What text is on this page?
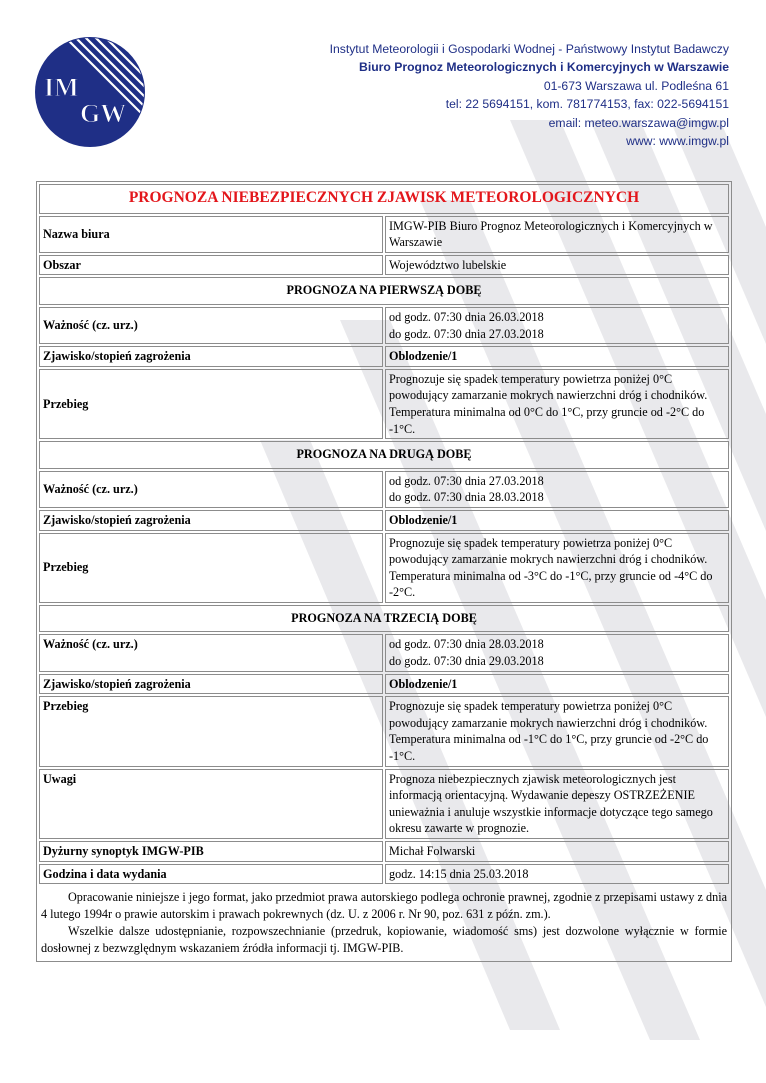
IM
GW
Instytut Meteorologii i Gospodarki Wodnej - Państwowy Instytut Badawczy
Biuro Prognoz Meteorologicznych i Komercyjnych w Warszawie
01-673 Warszawa ul. Podleśna 61
tel: 22 5694151, kom. 781774153, fax: 022-5694151
email: meteo.warszawa@imgw.pl
www: www.imgw.pl
PROGNOZA NIEBEZPIECZNYCH ZJAWISK METEOROLOGICZNYCH	
Nazwa biura	IMGW-PIB Biuro Prognoz Meteorologicznych i Komercyjnych w Warszawie
Obszar	Województwo lubelskie
PROGNOZA NA PIERWSZĄ DOBĘ	
Ważność (cz. urz.)	od godz. 07:30 dnia 26.03.2018
do godz. 07:30 dnia 27.03.2018

Zjawisko/stopień zagrożenia	Oblodzenie/1
Przebieg	Prognozuje się spadek temperatury powietrza poniżej 0°C powodujący zamarzanie mokrych nawierzchni dróg i chodników. Temperatura minimalna od 0°C do 1°C, przy gruncie od -2°C do -1°C.
PROGNOZA NA DRUGĄ DOBĘ	
Ważność (cz. urz.)	od godz. 07:30 dnia 27.03.2018
do godz. 07:30 dnia 28.03.2018

Zjawisko/stopień zagrożenia	Oblodzenie/1
Przebieg	Prognozuje się spadek temperatury powietrza poniżej 0°C powodujący zamarzanie mokrych nawierzchni dróg i chodników. Temperatura minimalna od -3°C do -1°C, przy gruncie od -4°C do -2°C.
PROGNOZA NA TRZECIĄ DOBĘ	
Ważność (cz. urz.)	od godz. 07:30 dnia 28.03.2018
do godz. 07:30 dnia 29.03.2018

Zjawisko/stopień zagrożenia	Oblodzenie/1
Przebieg	Prognozuje się spadek temperatury powietrza poniżej 0°C powodujący zamarzanie mokrych nawierzchni dróg i chodników. Temperatura minimalna od -1°C do 1°C, przy gruncie od -2°C do -1°C.
Uwagi	Prognoza niebezpiecznych zjawisk meteorologicznych jest informacją orientacyjną. Wydawanie depeszy OSTRZEŻENIE unieważnia i anuluje wszystkie informacje dotyczące tego samego okresu zawarte w prognozie.
Dyżurny synoptyk IMGW-PIB	Michał Folwarski
Godzina i data wydania	godz. 14:15 dnia 25.03.2018

Opracowanie niniejsze i jego format, jako przedmiot prawa autorskiego podlega ochronie prawnej, zgodnie z przepisami ustawy z dnia 4 lutego 1994r o prawie autorskim i prawach pokrewnych (dz. U. z 2006 r. Nr 90, poz. 631 z późn. zm.).

Wszelkie dalsze udostępnianie, rozpowszechnianie (przedruk, kopiowanie, wiadomość sms) jest dozwolone wyłącznie w formie dosłownej z bezwzględnym wskazaniem źródła informacji tj. IMGW-PIB.
